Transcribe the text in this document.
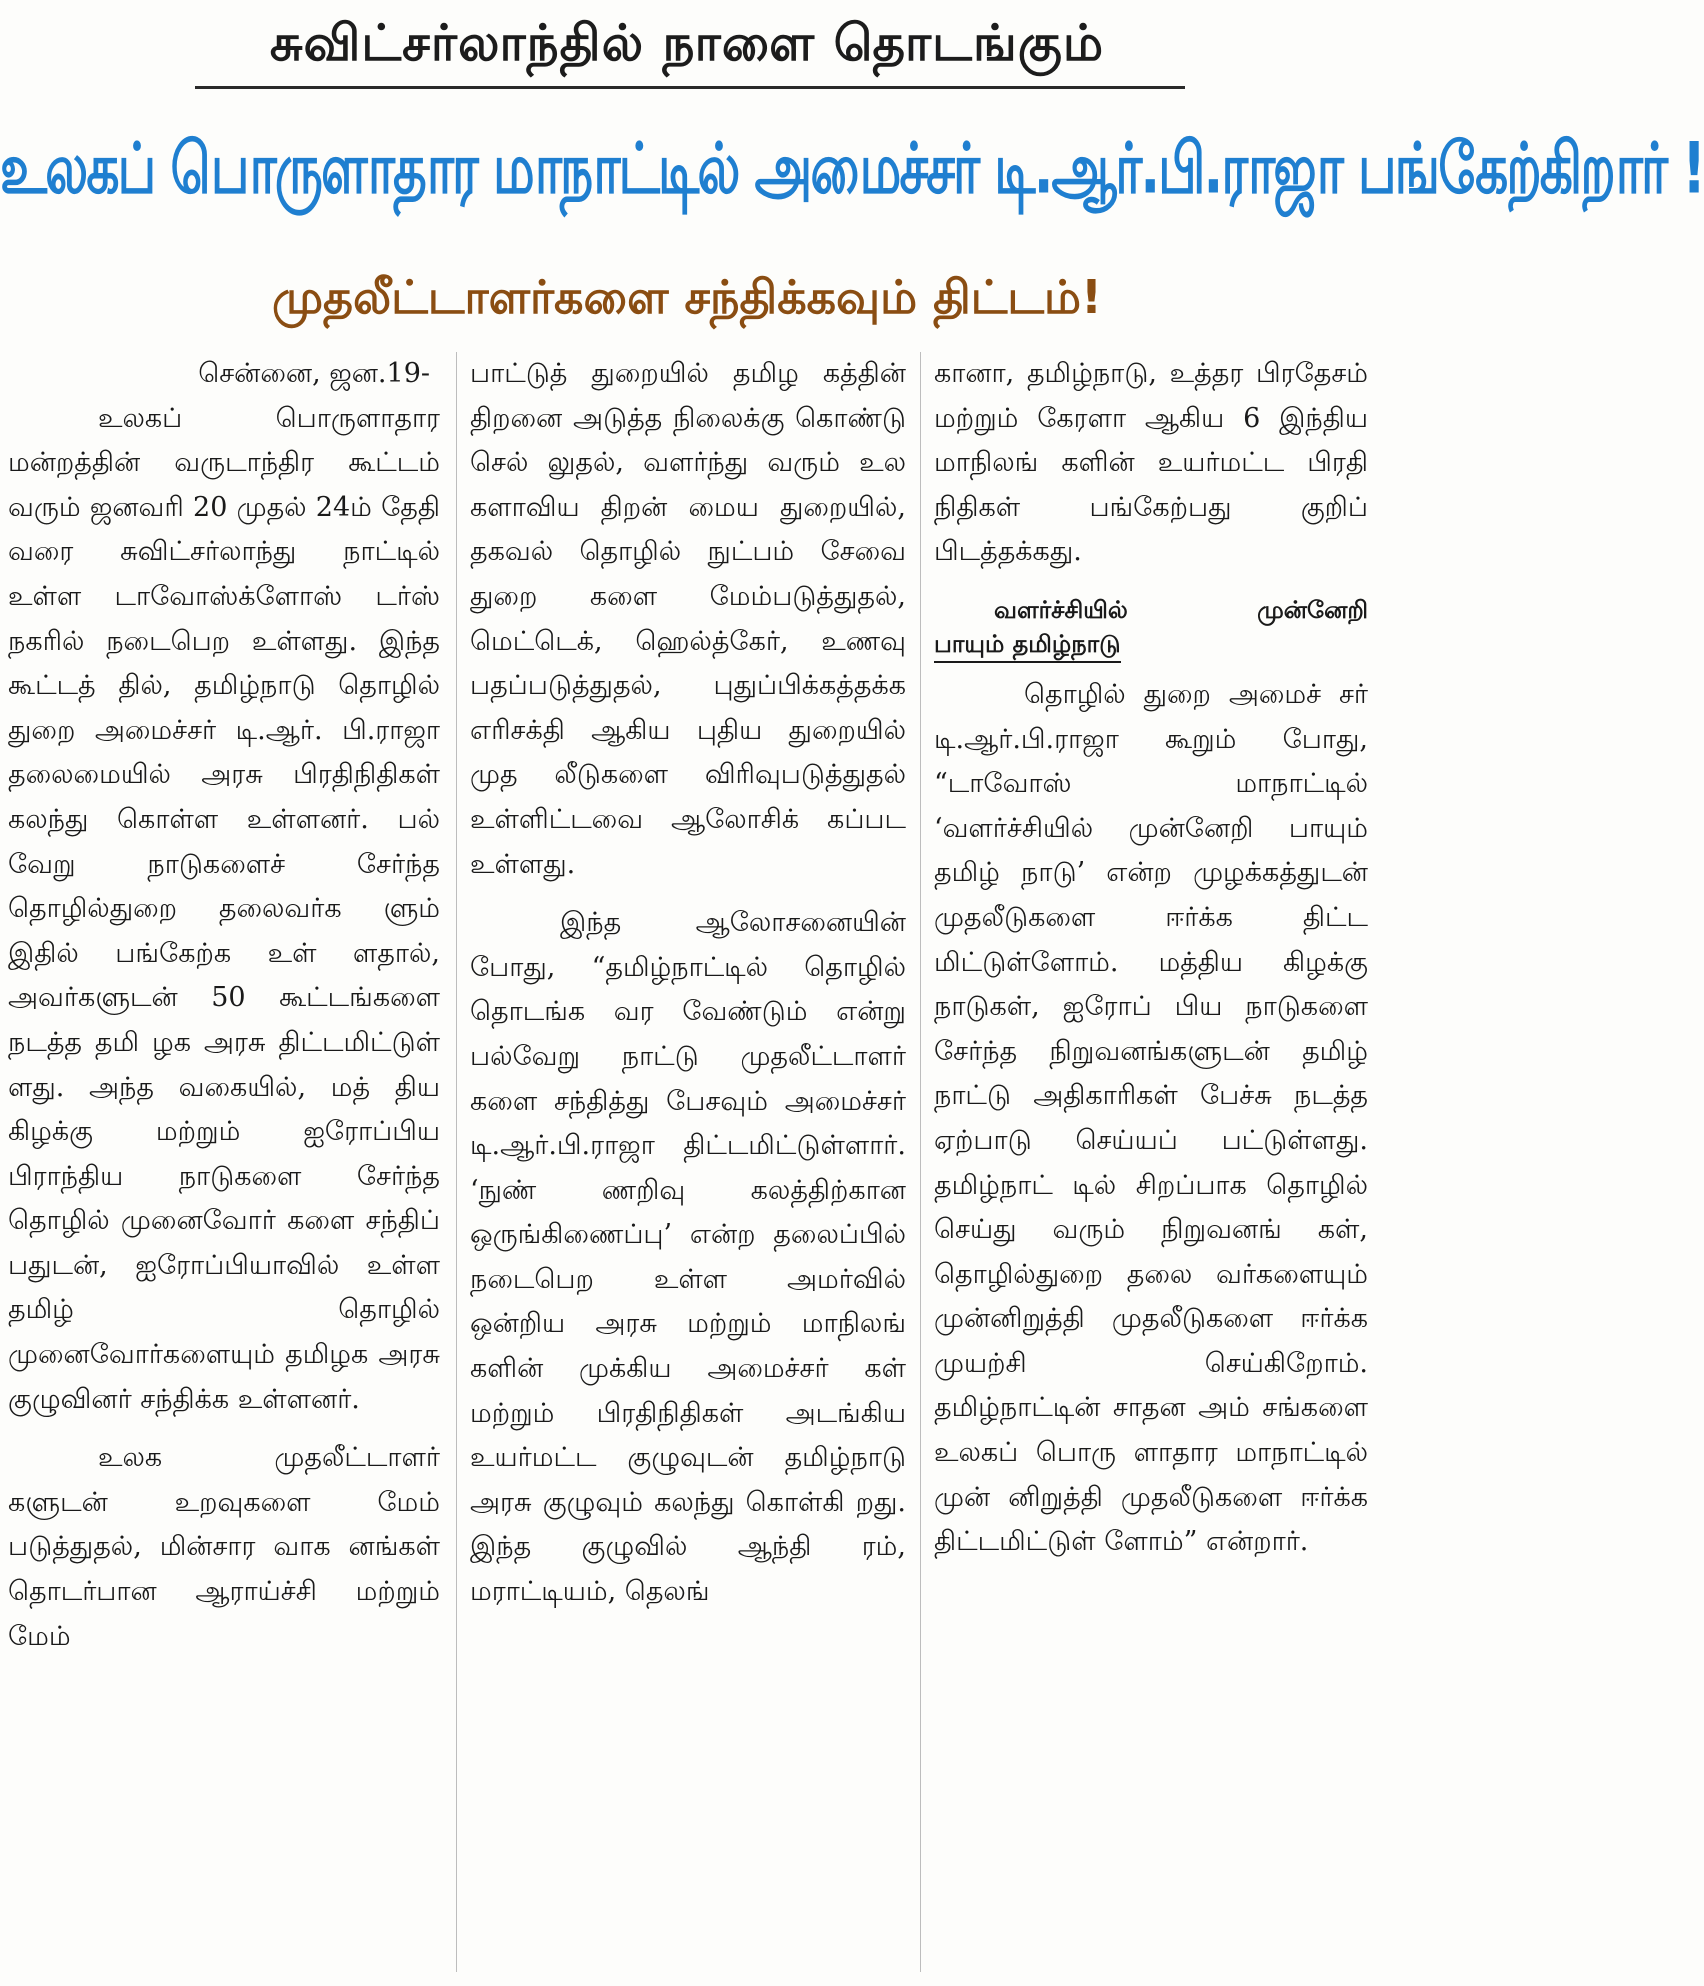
சுவிட்சர்லாந்தில் நாளை தொடங்கும்
உலகப் பொருளாதார மாநாட்டில் அமைச்சர் டி.ஆர்.பி.ராஜா பங்கேற்கிறார் !
முதலீட்டாளர்களை சந்திக்கவும் திட்டம்!
சென்னை, ஜன.19-

உலகப் பொருளாதார மன்றத்தின் வருடாந்திர கூட்டம் வரும் ஜனவரி 20 முதல் 24ம் தேதி வரை சுவிட்சர்லாந்து நாட்டில் உள்ள டாவோஸ்க்ளோஸ் டர்ஸ் நகரில் நடைபெற உள்ளது. இந்த கூட்டத் தில், தமிழ்நாடு தொழில் துறை அமைச்சர் டி.ஆர். பி.ராஜா தலைமையில் அரசு பிரதிநிதிகள் கலந்து கொள்ள உள்ளனர். பல் வேறு நாடுகளைச் சேர்ந்த தொழில்துறை தலைவர்க ளும் இதில் பங்கேற்க உள் ளதால், அவர்களுடன் 50 கூட்டங்களை நடத்த தமி ழக அரசு திட்டமிட்டுள் ளது. அந்த வகையில், மத் திய கிழக்கு மற்றும் ஐரோப்பிய பிராந்திய நாடுகளை சேர்ந்த தொழில் முனைவோர் களை சந்திப் பதுடன், ஐரோப்பியாவில் உள்ள தமிழ் தொழில் முனைவோர்களையும் தமிழக அரசு குழுவினர் சந்திக்க உள்ளனர்.

உலக முதலீட்டாளர் களுடன் உறவுகளை மேம் படுத்துதல், மின்சார வாக னங்கள் தொடர்பான ஆராய்ச்சி மற்றும் மேம்

பாட்டுத் துறையில் தமிழ கத்தின் திறனை அடுத்த நிலைக்கு கொண்டு செல் லுதல், வளர்ந்து வரும் உல களாவிய திறன் மைய துறையில், தகவல் தொழில் நுட்பம் சேவை துறை களை மேம்படுத்துதல், மெட்டெக், ஹெல்த்கேர், உணவு பதப்படுத்துதல், புதுப்பிக்கத்தக்க எரிசக்தி ஆகிய புதிய துறையில் முத லீடுகளை விரிவுபடுத்துதல் உள்ளிட்டவை ஆலோசிக் கப்பட உள்ளது.

இந்த ஆலோசனையின் போது, “தமிழ்நாட்டில் தொழில் தொடங்க வர வேண்டும் என்று பல்வேறு நாட்டு முதலீட்டாளர் களை சந்தித்து பேசவும் அமைச்சர் டி.ஆர்.பி.ராஜா திட்டமிட்டுள்ளார். ‘நுண் ணறிவு கலத்திற்கான ஒருங்கிணைப்பு’ என்ற தலைப்பில் நடைபெற உள்ள அமர்வில் ஒன்றிய அரசு மற்றும் மாநிலங் களின் முக்கிய அமைச்சர் கள் மற்றும் பிரதிநிதிகள் அடங்கிய உயர்மட்ட குழுவுடன் தமிழ்நாடு அரசு குழுவும் கலந்து கொள்கி றது. இந்த குழுவில் ஆந்தி ரம், மராட்டியம், தெலங்

கானா, தமிழ்நாடு, உத்தர பிரதேசம் மற்றும் கேரளா ஆகிய 6 இந்திய மாநிலங் களின் உயர்மட்ட பிரதி நிதிகள் பங்கேற்பது குறிப் பிடத்தக்கது.

வளர்ச்சியில்	முன்னேறி
பாயும் தமிழ்நாடு

தொழில் துறை அமைச் சர் டி.ஆர்.பி.ராஜா கூறும் போது, “டாவோஸ் மாநாட்டில் ‘வளர்ச்சியில் முன்னேறி பாயும் தமிழ் நாடு’ என்ற முழக்கத்துடன் முதலீடுகளை ஈர்க்க திட்ட மிட்டுள்ளோம். மத்திய கிழக்கு நாடுகள், ஐரோப் பிய நாடுகளை சேர்ந்த நிறுவனங்களுடன் தமிழ் நாட்டு அதிகாரிகள் பேச்சு நடத்த ஏற்பாடு செய்யப் பட்டுள்ளது. தமிழ்நாட் டில் சிறப்பாக தொழில் செய்து வரும் நிறுவனங் கள், தொழில்துறை தலை வர்களையும் முன்னிறுத்தி முதலீடுகளை ஈர்க்க முயற்சி செய்கிறோம். தமிழ்நாட்டின் சாதன அம் சங்களை உலகப் பொரு ளாதார மாநாட்டில் முன் னிறுத்தி முதலீடுகளை ஈர்க்க திட்டமிட்டுள் ளோம்” என்றார்.
